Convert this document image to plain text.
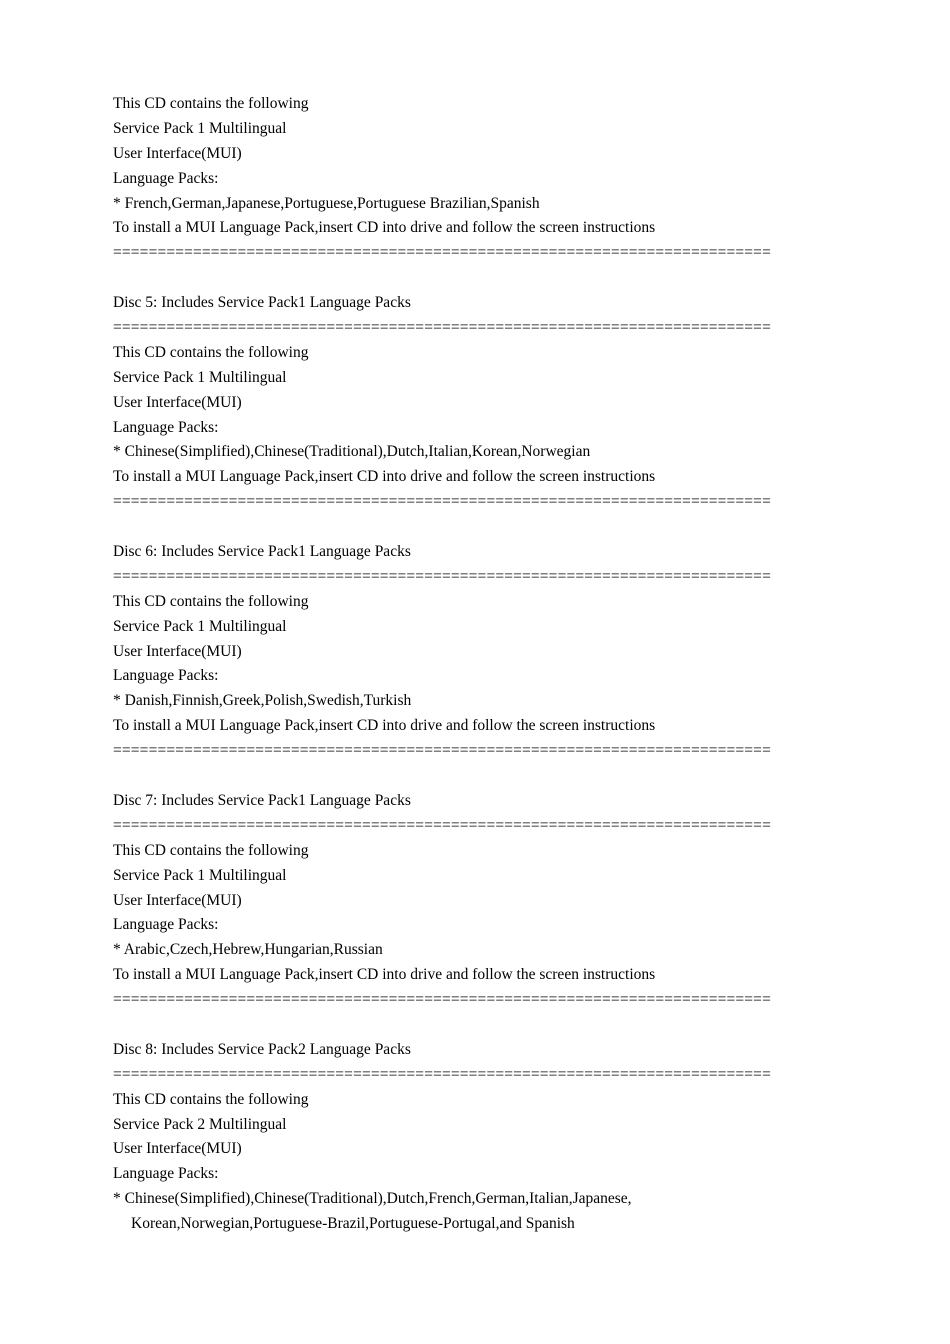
This CD contains the following
Service Pack 1 Multilingual
User Interface(MUI)
Language Packs:
* French,German,Japanese,Portuguese,Portuguese Brazilian,Spanish
To install a MUI Language Pack,insert CD into drive and follow the screen instructions
==========================================================================
Disc 5: Includes Service Pack1 Language Packs
==========================================================================
This CD contains the following
Service Pack 1 Multilingual
User Interface(MUI)
Language Packs:
* Chinese(Simplified),Chinese(Traditional),Dutch,Italian,Korean,Norwegian
To install a MUI Language Pack,insert CD into drive and follow the screen instructions
==========================================================================
Disc 6: Includes Service Pack1 Language Packs
==========================================================================
This CD contains the following
Service Pack 1 Multilingual
User Interface(MUI)
Language Packs:
* Danish,Finnish,Greek,Polish,Swedish,Turkish
To install a MUI Language Pack,insert CD into drive and follow the screen instructions
==========================================================================
Disc 7: Includes Service Pack1 Language Packs
==========================================================================
This CD contains the following
Service Pack 1 Multilingual
User Interface(MUI)
Language Packs:
* Arabic,Czech,Hebrew,Hungarian,Russian
To install a MUI Language Pack,insert CD into drive and follow the screen instructions
==========================================================================
Disc 8: Includes Service Pack2 Language Packs
==========================================================================
This CD contains the following
Service Pack 2 Multilingual
User Interface(MUI)
Language Packs:
* Chinese(Simplified),Chinese(Traditional),Dutch,French,German,Italian,Japanese,
Korean,Norwegian,Portuguese-Brazil,Portuguese-Portugal,and Spanish
